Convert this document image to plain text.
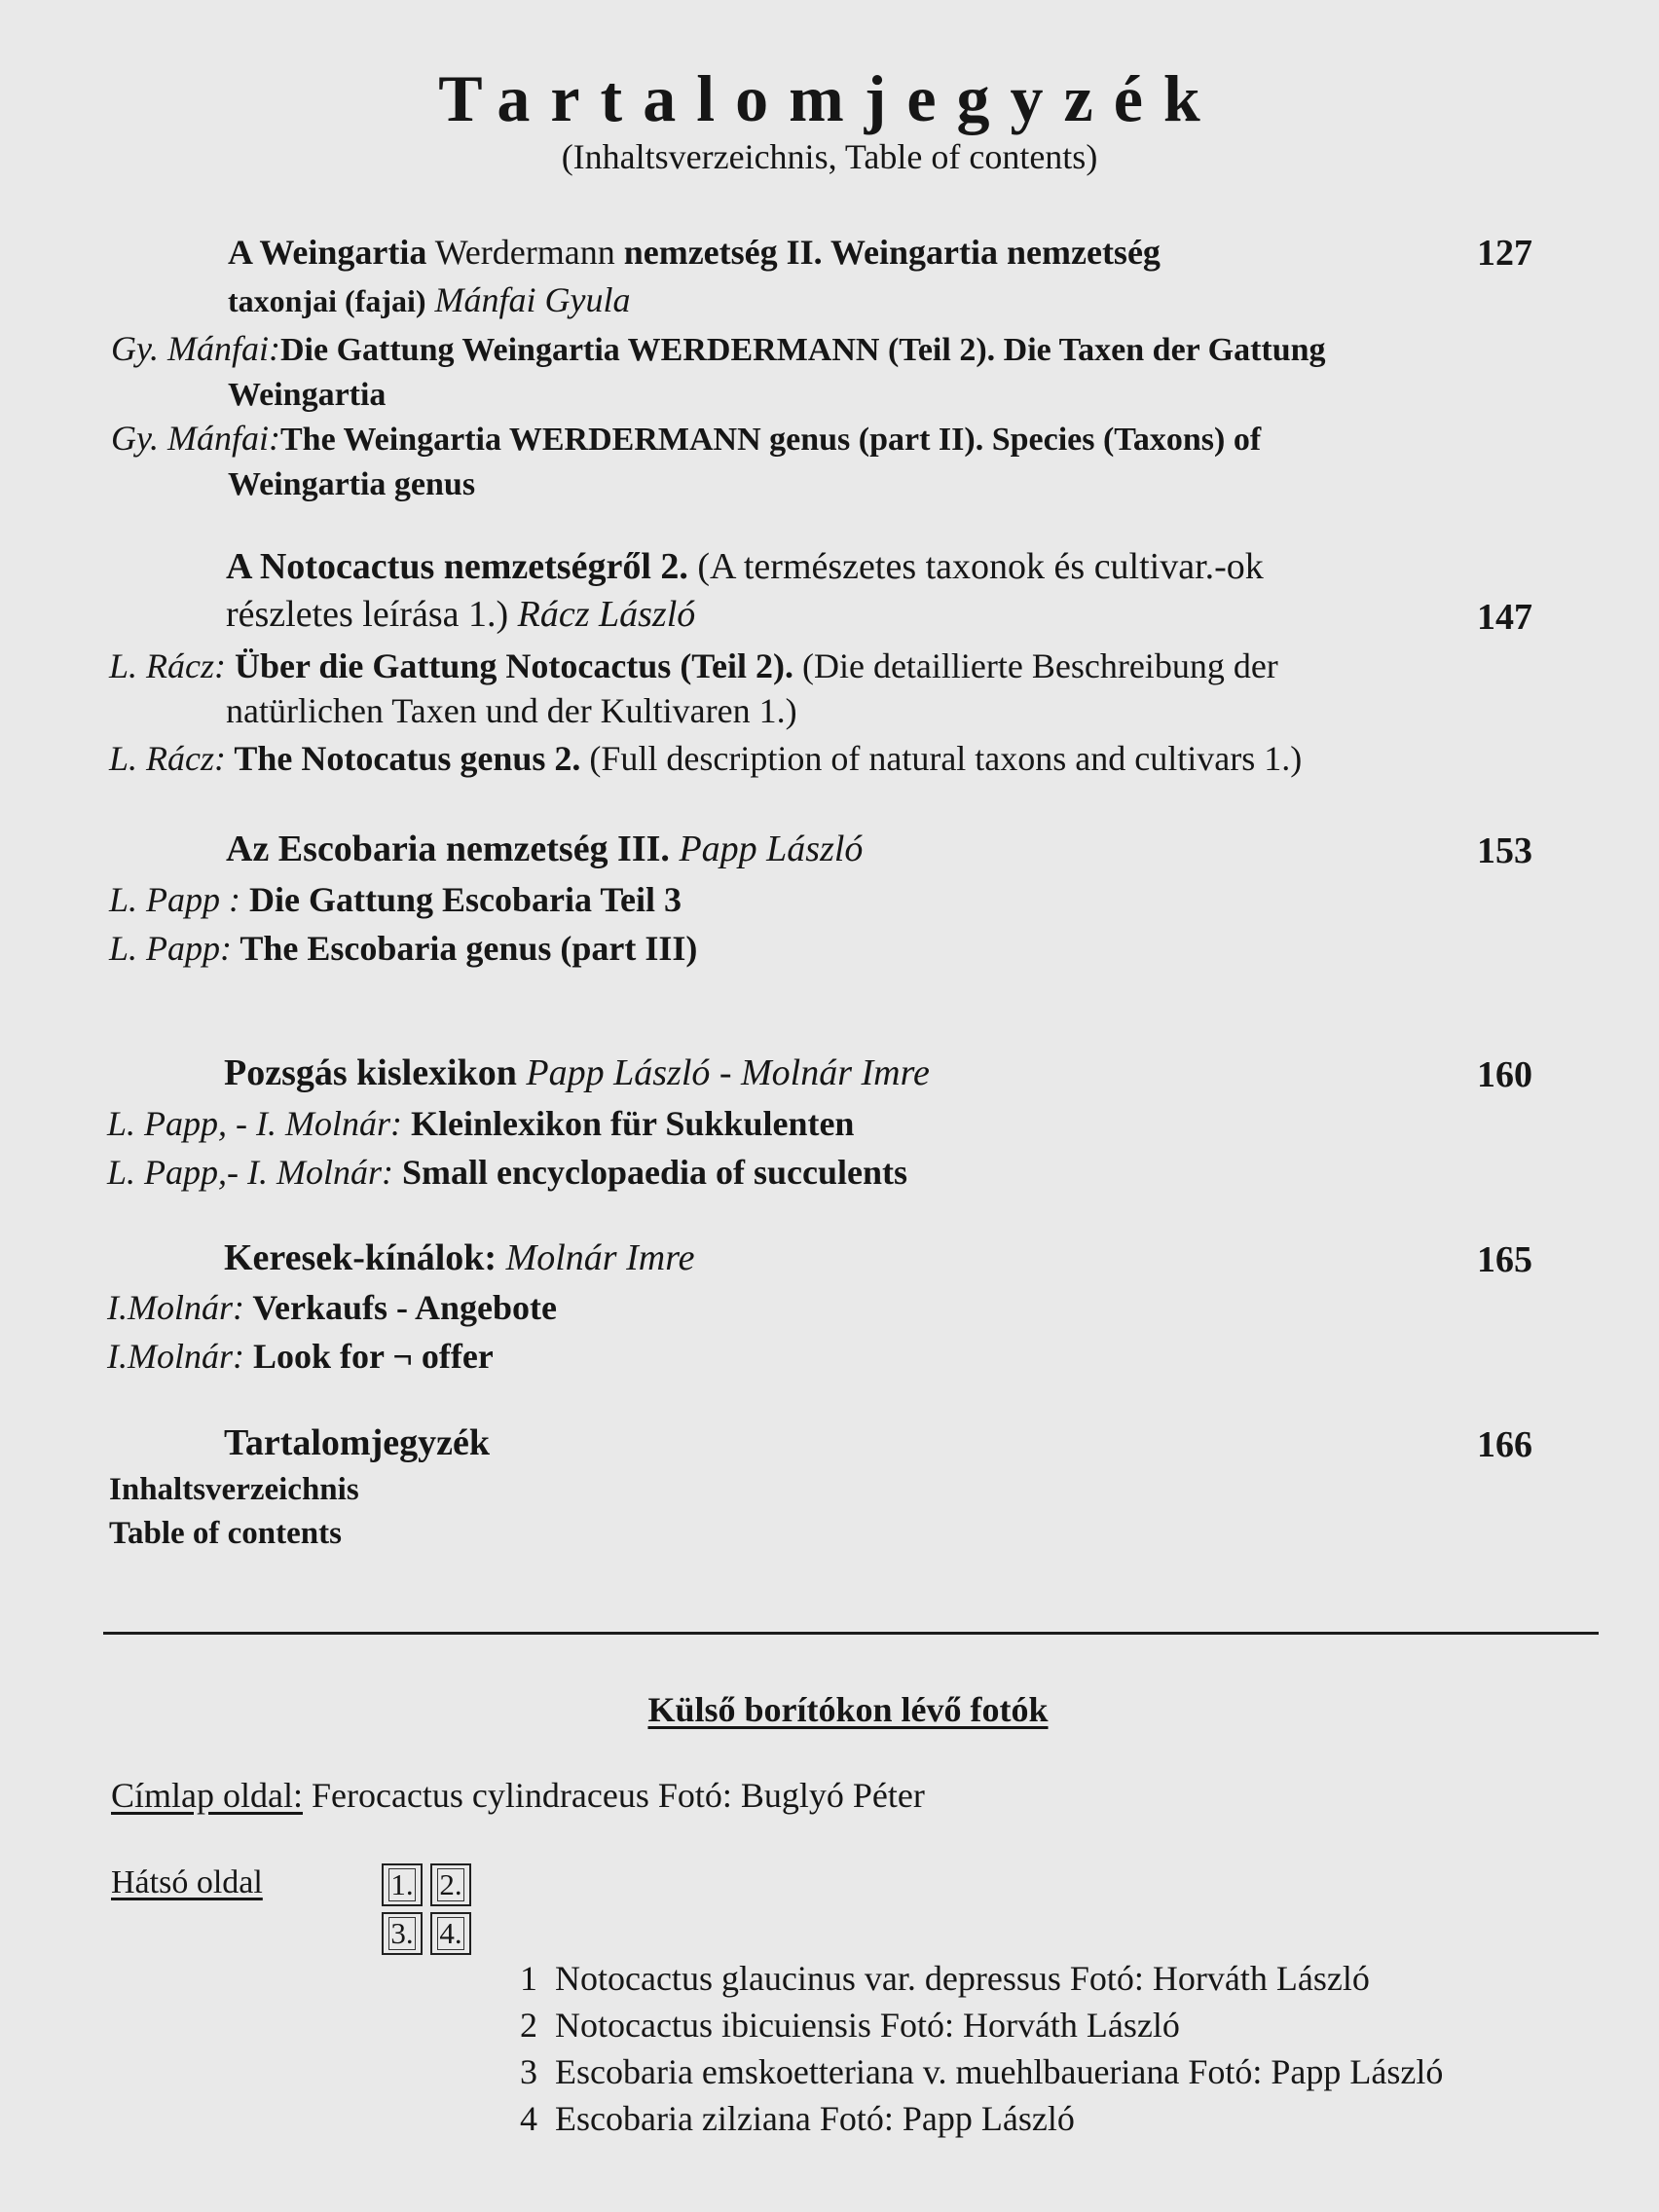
Tartalomjegyzék
(Inhaltsverzeichnis, Table of contents)
A Weingartia Werdermann nemzetség II. Weingartia nemzetség	127
taxonjai (fajai) Mánfai Gyula
Gy. Mánfai:Die Gattung Weingartia WERDERMANN (Teil 2). Die Taxen der Gattung
Weingartia
Gy. Mánfai:The Weingartia WERDERMANN genus (part II). Species (Taxons) of
Weingartia genus
A Notocactus nemzetségről 2. (A természetes taxonok és cultivar.-ok
részletes leírása 1.) Rácz László	147
L. Rácz: Über die Gattung Notocactus (Teil 2). (Die detaillierte Beschreibung der
natürlichen Taxen und der Kultivaren 1.)
L. Rácz: The Notocatus genus 2. (Full description of natural taxons and cultivars 1.)
Az Escobaria nemzetség III. Papp László	153
L. Papp : Die Gattung Escobaria Teil 3
L. Papp: The Escobaria genus (part III)
Pozsgás kislexikon Papp László - Molnár Imre	160
L. Papp, - I. Molnár: Kleinlexikon für Sukkulenten
L. Papp,- I. Molnár: Small encyclopaedia of succulents
Keresek-kínálok: Molnár Imre	165
I.Molnár: Verkaufs - Angebote
I.Molnár: Look for ¬ offer
Tartalomjegyzék	166
Inhaltsverzeichnis
Table of contents
Külső borítókon lévő fotók
Címlap oldal: Ferocactus cylindraceus Fotó: Buglyó Péter
Hátsó oldal	1. 2.
3. 4.
1 Notocactus glaucinus var. depressus Fotó: Horváth László
2 Notocactus ibicuiensis Fotó: Horváth László
3 Escobaria emskoetteriana v. muehlbaueriana Fotó: Papp László
4 Escobaria zilziana Fotó: Papp László
